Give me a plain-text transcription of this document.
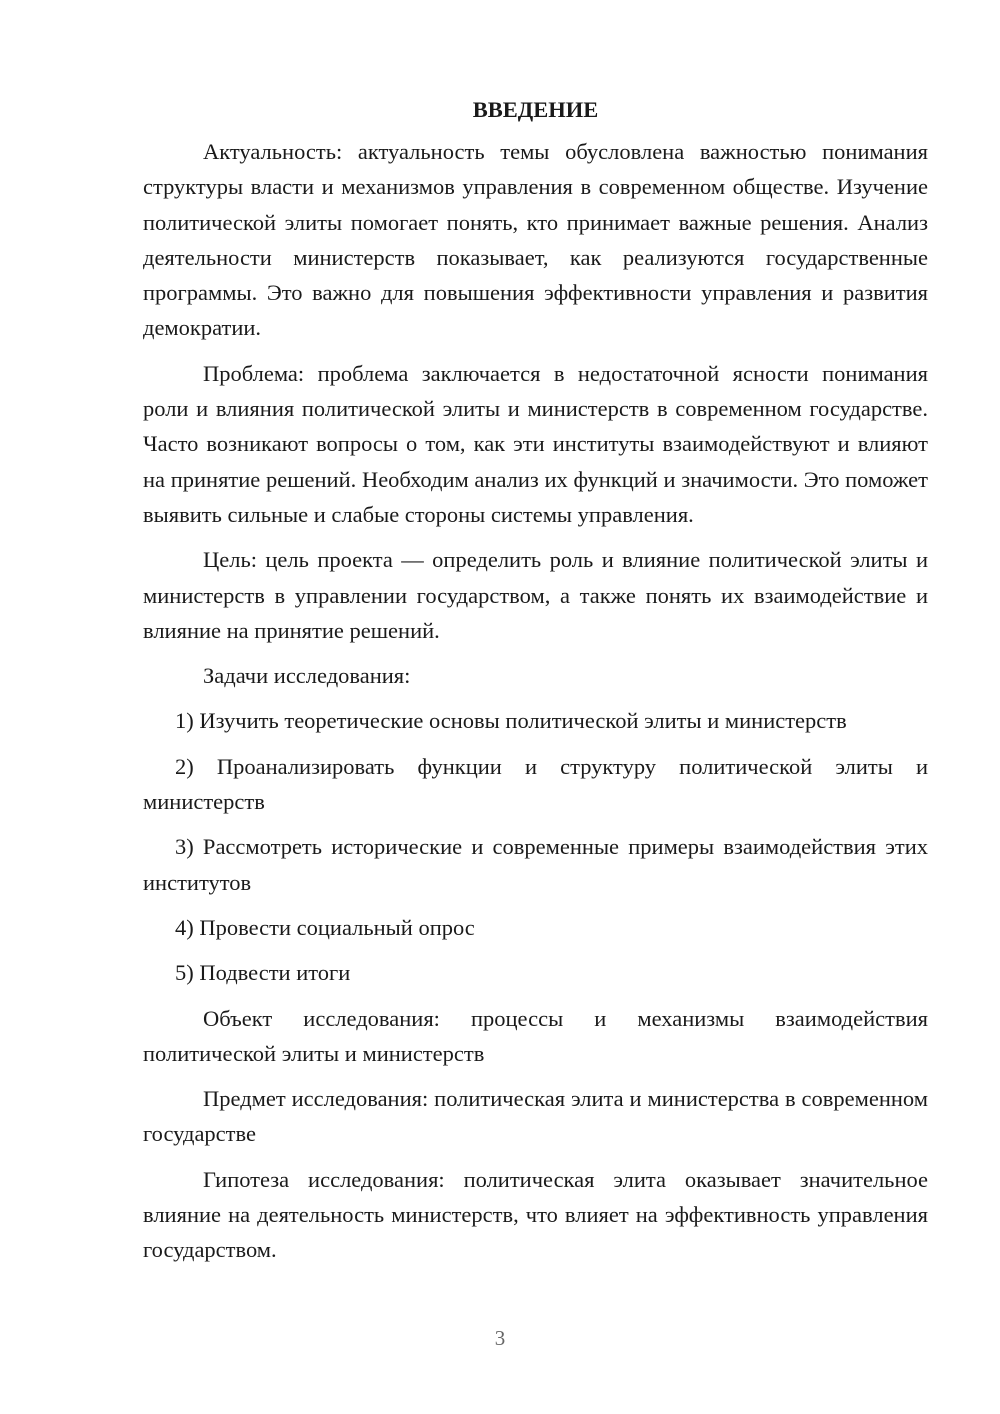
ВВЕДЕНИЕ

Актуальность: актуальность темы обусловлена важностью понимания структуры власти и механизмов управления в современном обществе. Изучение политической элиты помогает понять, кто принимает важные решения. Анализ деятельности министерств показывает, как реализуются государственные программы. Это важно для повышения эффективности управления и развития демократии.

Проблема: проблема заключается в недостаточной ясности понимания роли и влияния политической элиты и министерств в современном государстве. Часто возникают вопросы о том, как эти институты взаимодействуют и влияют на принятие решений. Необходим анализ их функций и значимости. Это поможет выявить сильные и слабые стороны системы управления.

Цель: цель проекта — определить роль и влияние политической элиты и министерств в управлении государством, а также понять их взаимодействие и влияние на принятие решений.

Задачи исследования:

1) Изучить теоретические основы политической элиты и министерств

2) Проанализировать функции и структуру политической элиты и министерств

3) Рассмотреть исторические и современные примеры взаимодействия этих институтов

4) Провести социальный опрос

5) Подвести итоги

Объект исследования: процессы и механизмы взаимодействия политической элиты и министерств

Предмет исследования: политическая элита и министерства в современном государстве

Гипотеза исследования: политическая элита оказывает значительное влияние на деятельность министерств, что влияет на эффективность управления государством.

3
